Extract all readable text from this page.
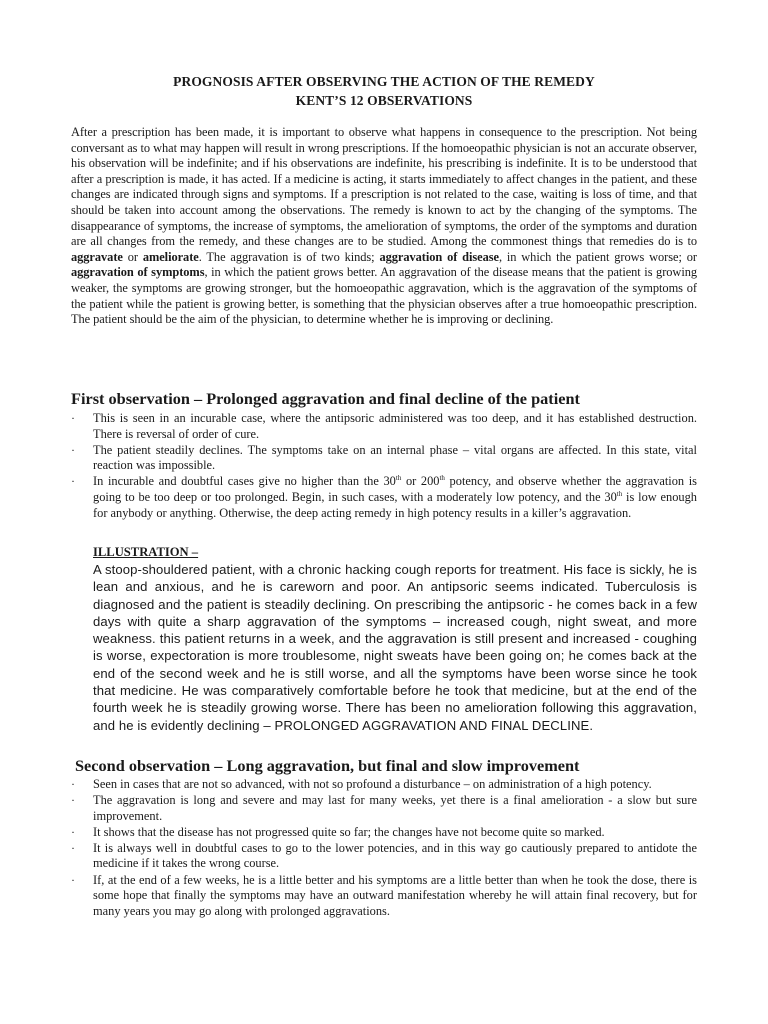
PROGNOSIS AFTER OBSERVING THE ACTION OF THE REMEDY
KENT’S 12 OBSERVATIONS
After a prescription has been made, it is important to observe what happens in consequence to the prescription. Not being conversant as to what may happen will result in wrong prescriptions. If the homoeopathic physician is not an accurate observer, his observation will be indefinite; and if his observations are indefinite, his prescribing is indefinite. It is to be understood that after a prescription is made, it has acted. If a medicine is acting, it starts immediately to affect changes in the patient, and these changes are indicated through signs and symptoms. If a prescription is not related to the case, waiting is loss of time, and that should be taken into account among the observations. The remedy is known to act by the changing of the symptoms. The disappearance of symptoms, the increase of symptoms, the amelioration of symptoms, the order of the symptoms and duration are all changes from the remedy, and these changes are to be studied. Among the commonest things that remedies do is to aggravate or ameliorate. The aggravation is of two kinds; aggravation of disease, in which the patient grows worse; or aggravation of symptoms, in which the patient grows better. An aggravation of the disease means that the patient is growing weaker, the symptoms are growing stronger, but the homoeopathic aggravation, which is the aggravation of the symptoms of the patient while the patient is growing better, is something that the physician observes after a true homoeopathic prescription. The patient should be the aim of the physician, to determine whether he is improving or declining.
First observation – Prolonged aggravation and final decline of the patient
·	This is seen in an incurable case, where the antipsoric administered was too deep, and it has established destruction. There is reversal of order of cure.
·	The patient steadily declines. The symptoms take on an internal phase – vital organs are affected. In this state, vital reaction was impossible.
·	In incurable and doubtful cases give no higher than the 30th or 200th potency, and observe whether the aggravation is going to be too deep or too prolonged. Begin, in such cases, with a moderately low potency, and the 30th is low enough for anybody or anything. Otherwise, the deep acting remedy in high potency results in a killer’s aggravation.
ILLUSTRATION –
A stoop-shouldered patient, with a chronic hacking cough reports for treatment. His face is sickly, he is lean and anxious, and he is careworn and poor. An antipsoric seems indicated. Tuberculosis is diagnosed and the patient is steadily declining. On prescribing the antipsoric - he comes back in a few days with quite a sharp aggravation of the symptoms – increased cough, night sweat, and more weakness. this patient returns in a week, and the aggravation is still present and increased - coughing is worse, expectoration is more troublesome, night sweats have been going on; he comes back at the end of the second week and he is still worse, and all the symptoms have been worse since he took that medicine. He was comparatively comfortable before he took that medicine, but at the end of the fourth week he is steadily growing worse. There has been no amelioration following this aggravation, and he is evidently declining – PROLONGED AGGRAVATION AND FINAL DECLINE.
Second observation – Long aggravation, but final and slow improvement
·	Seen in cases that are not so advanced, with not so profound a disturbance – on administration of a high potency.
·	The aggravation is long and severe and may last for many weeks, yet there is a final amelioration - a slow but sure improvement.
·	It shows that the disease has not progressed quite so far; the changes have not become quite so marked.
·	It is always well in doubtful cases to go to the lower potencies, and in this way go cautiously prepared to antidote the medicine if it takes the wrong course.
·	If, at the end of a few weeks, he is a little better and his symptoms are a little better than when he took the dose, there is some hope that finally the symptoms may have an outward manifestation whereby he will attain final recovery, but for many years you may go along with prolonged aggravations.
